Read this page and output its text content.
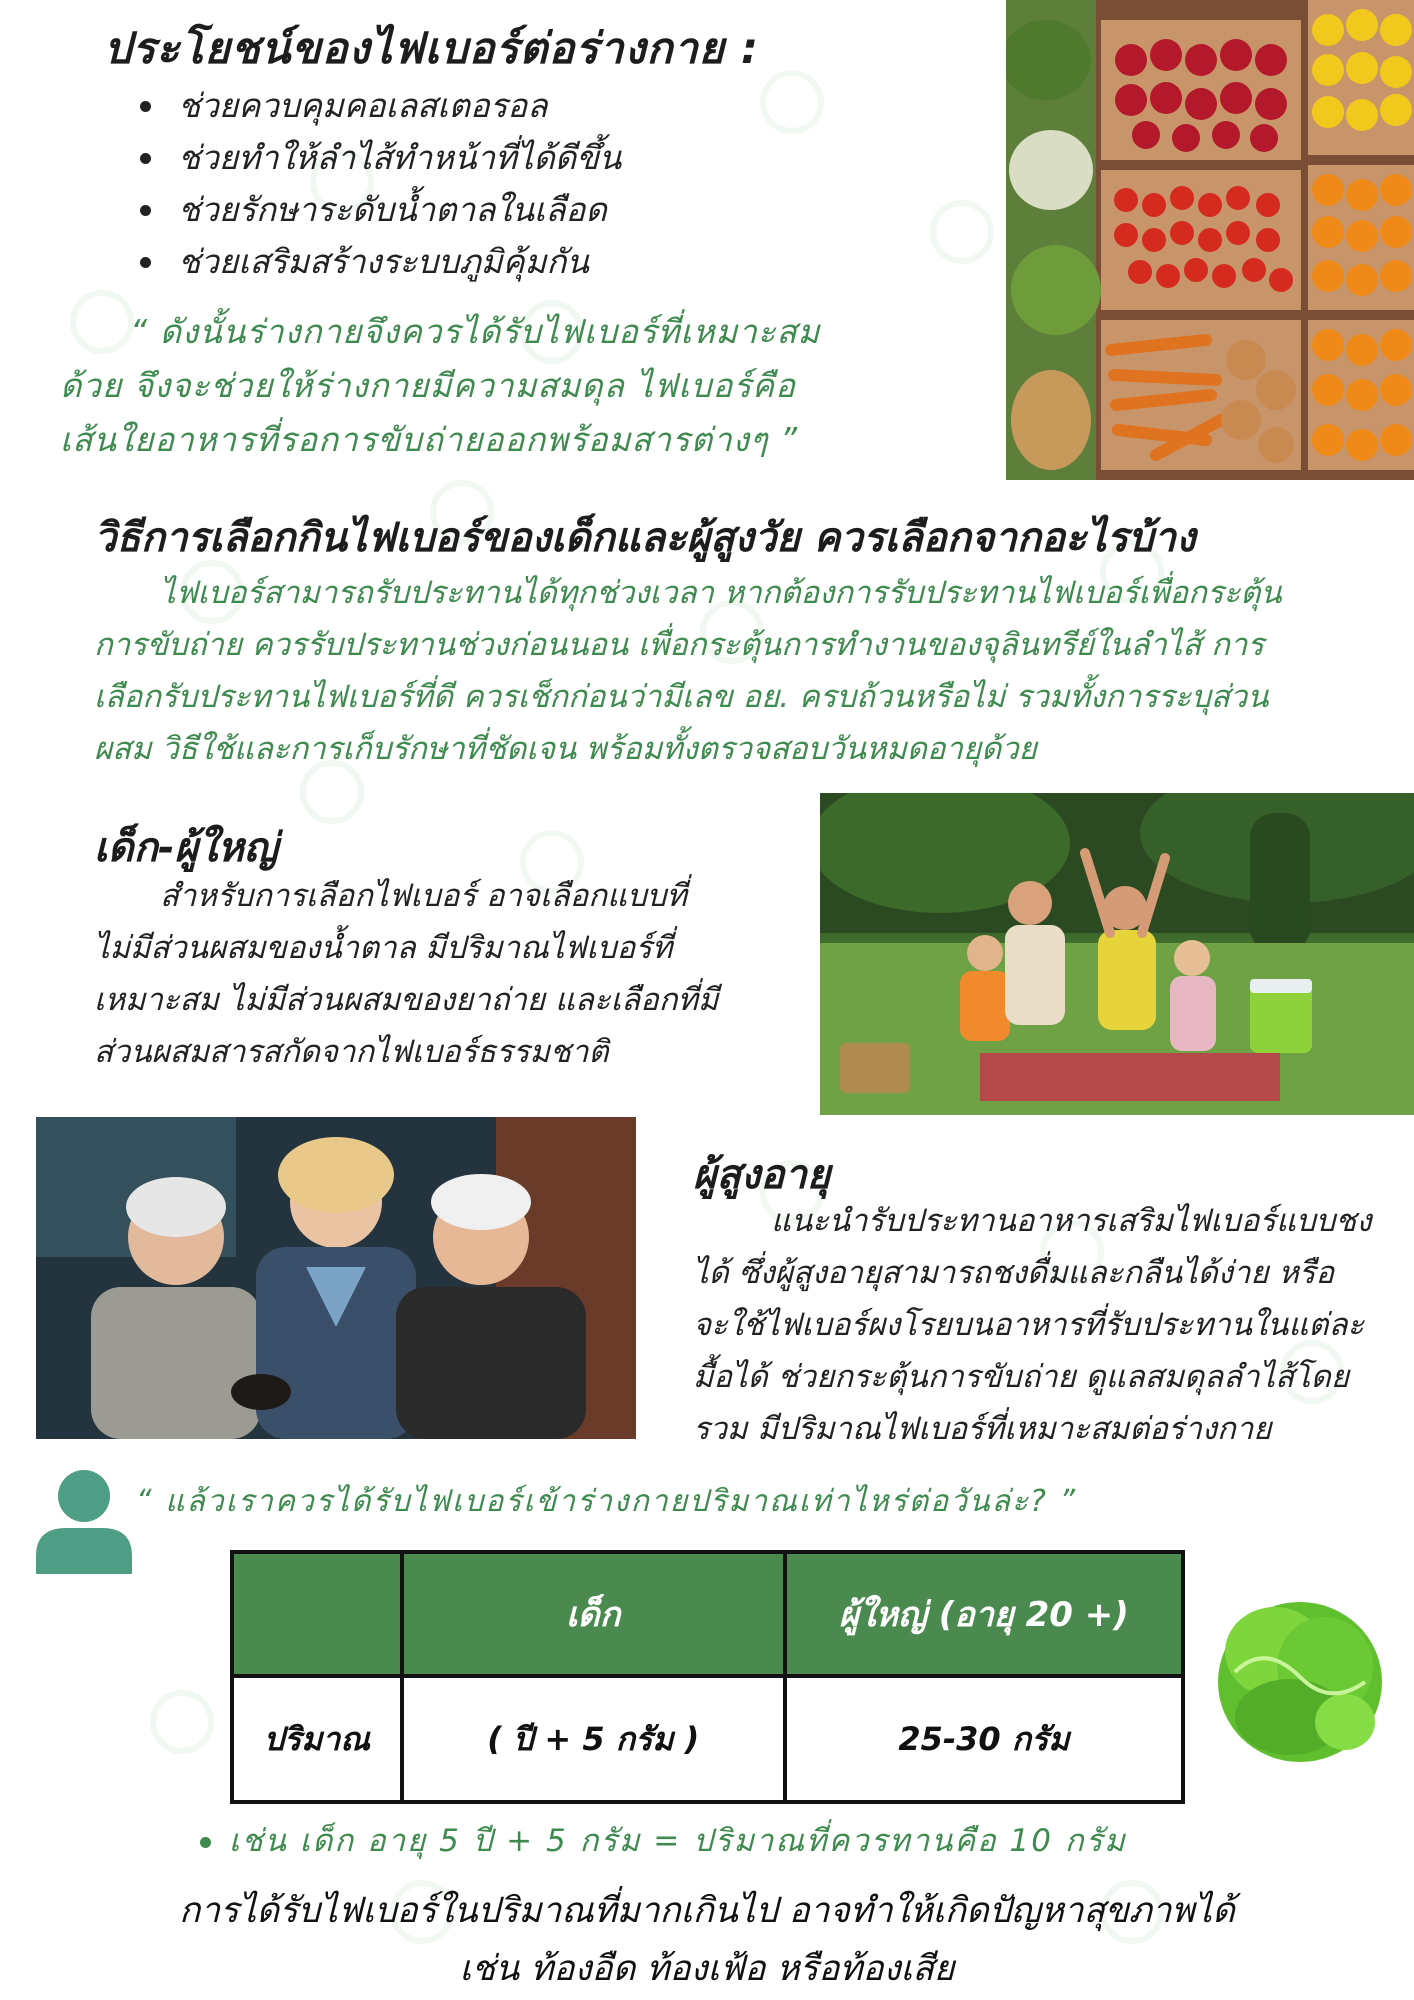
ประโยชน์ของไฟเบอร์ต่อร่างกาย :
ช่วยควบคุมคอเลสเตอรอล
ช่วยทำให้ลำไส้ทำหน้าที่ได้ดีขึ้น
ช่วยรักษาระดับน้ำตาลในเลือด
ช่วยเสริมสร้างระบบภูมิคุ้มกัน
“ ดังนั้นร่างกายจึงควรได้รับไฟเบอร์ที่เหมาะสม
ด้วย จึงจะช่วยให้ร่างกายมีความสมดุล ไฟเบอร์คือ
เส้นใยอาหารที่รอการขับถ่ายออกพร้อมสารต่างๆ ”
วิธีการเลือกกินไฟเบอร์ของเด็กและผู้สูงวัย ควรเลือกจากอะไรบ้าง
ไฟเบอร์สามารถรับประทานได้ทุกช่วงเวลา หากต้องการรับประทานไฟเบอร์เพื่อกระตุ้น
การขับถ่าย ควรรับประทานช่วงก่อนนอน เพื่อกระตุ้นการทำงานของจุลินทรีย์ในลำไส้ การ
เลือกรับประทานไฟเบอร์ที่ดี ควรเช็กก่อนว่ามีเลข อย. ครบถ้วนหรือไม่ รวมทั้งการระบุส่วน
ผสม วิธีใช้และการเก็บรักษาที่ชัดเจน พร้อมทั้งตรวจสอบวันหมดอายุด้วย
เด็ก-ผู้ใหญ่
สำหรับการเลือกไฟเบอร์ อาจเลือกแบบที่
ไม่มีส่วนผสมของน้ำตาล มีปริมาณไฟเบอร์ที่
เหมาะสม ไม่มีส่วนผสมของยาถ่าย และเลือกที่มี
ส่วนผสมสารสกัดจากไฟเบอร์ธรรมชาติ
ผู้สูงอายุ
แนะนำรับประทานอาหารเสริมไฟเบอร์แบบชง
ได้ ซึ่งผู้สูงอายุสามารถชงดื่มและกลืนได้ง่าย หรือ
จะใช้ไฟเบอร์ผงโรยบนอาหารที่รับประทานในแต่ละ
มื้อได้ ช่วยกระตุ้นการขับถ่าย ดูแลสมดุลลำไส้โดย
รวม มีปริมาณไฟเบอร์ที่เหมาะสมต่อร่างกาย
“ แล้วเราควรได้รับไฟเบอร์เข้าร่างกายปริมาณเท่าไหร่ต่อวันล่ะ? ”
	เด็ก	ผู้ใหญ่ (อายุ 20 +)
ปริมาณ	( ปี + 5 กรัม )	25-30 กรัม
เช่น เด็ก อายุ 5 ปี + 5 กรัม = ปริมาณที่ควรทานคือ 10 กรัม
การได้รับไฟเบอร์ในปริมาณที่มากเกินไป อาจทำให้เกิดปัญหาสุขภาพได้
เช่น ท้องอืด ท้องเฟ้อ หรือท้องเสีย
